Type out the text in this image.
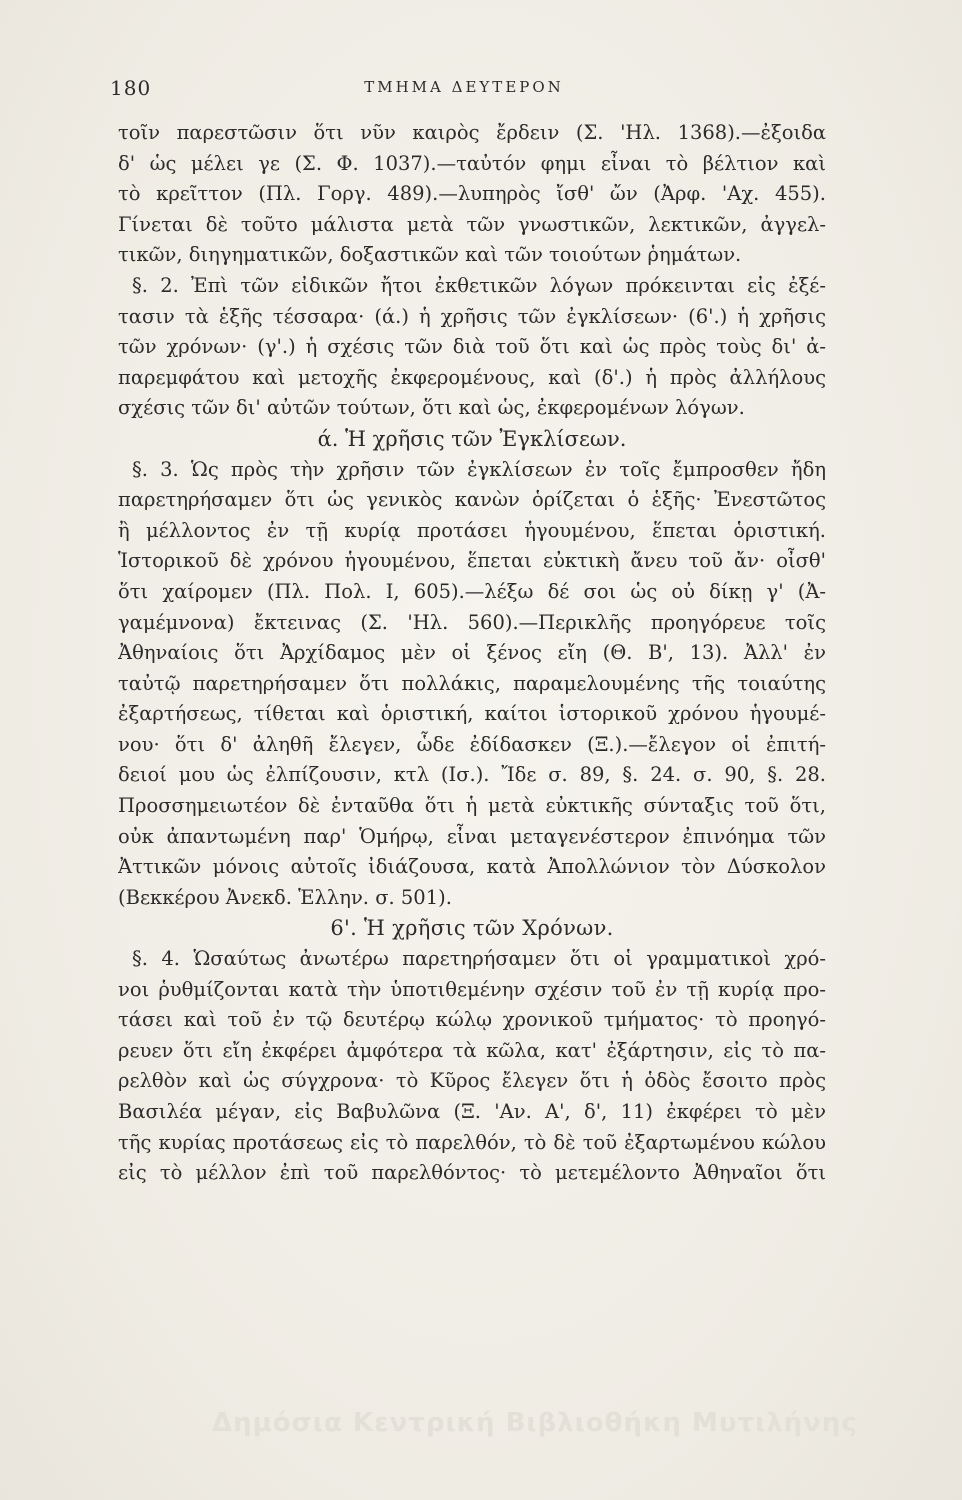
180	ΤΜΗΜΑ ΔΕΥΤΕΡΟΝ
τοῖν παρεστῶσιν ὅτι νῦν καιρὸς ἔρδειν (Σ. 'Ηλ. 1368).—ἐξοιδα
δ' ὡς μέλει γε (Σ. Φ. 1037).—ταὐτόν φημι εἶναι τὸ βέλτιον καὶ
τὸ κρεῖττον (Πλ. Γοργ. 489).—λυπηρὸς ἴσθ' ὤν (Ἀρφ. 'Αχ. 455).
Γίνεται δὲ τοῦτο μάλιστα μετὰ τῶν γνωστικῶν, λεκτικῶν, ἀγγελ-
τικῶν, διηγηματικῶν, δοξαστικῶν καὶ τῶν τοιούτων ῥημάτων.
§. 2. Ἐπὶ τῶν εἰδικῶν ἤτοι ἐκθετικῶν λόγων πρόκεινται εἰς ἐξέ-
τασιν τὰ ἑξῆς τέσσαρα· (ά.) ἡ χρῆσις τῶν ἐγκλίσεων· (6'.) ἡ χρῆσις
τῶν χρόνων· (γ'.) ἡ σχέσις τῶν διὰ τοῦ ὅτι καὶ ὡς πρὸς τοὺς δι' ἀ-
παρεμφάτου καὶ μετοχῆς ἐκφερομένους, καὶ (δ'.) ἡ πρὸς ἀλλήλους
σχέσις τῶν δι' αὐτῶν τούτων, ὅτι καὶ ὡς, ἐκφερομένων λόγων.
ά. Ἡ χρῆσις τῶν Ἐγκλίσεων.
§. 3. Ὡς πρὸς τὴν χρῆσιν τῶν ἐγκλίσεων ἐν τοῖς ἔμπροσθεν ἤδη
παρετηρήσαμεν ὅτι ὡς γενικὸς κανὼν ὁρίζεται ὁ ἑξῆς· Ἐνεστῶτος
ἢ μέλλοντος ἐν τῇ κυρίᾳ προτάσει ἡγουμένου, ἕπεται ὁριστική.
Ἱστορικοῦ δὲ χρόνου ἡγουμένου, ἕπεται εὐκτικὴ ἄνευ τοῦ ἄν· οἶσθ'
ὅτι χαίρομεν (Πλ. Πολ. I, 605).—λέξω δέ σοι ὡς οὐ δίκῃ γ' (Ἀ-
γαμέμνονα) ἔκτεινας (Σ. 'Ηλ. 560).—Περικλῆς προηγόρευε τοῖς
Ἀθηναίοις ὅτι Ἀρχίδαμος μὲν οἱ ξένος εἴη (Θ. Β', 13). Ἀλλ' ἐν
ταὐτῷ παρετηρήσαμεν ὅτι πολλάκις, παραμελουμένης τῆς τοιαύτης
ἐξαρτήσεως, τίθεται καὶ ὁριστική, καίτοι ἱστορικοῦ χρόνου ἡγουμέ-
νου· ὅτι δ' ἀληθῆ ἔλεγεν, ὧδε ἐδίδασκεν (Ξ.).—ἔλεγον οἱ ἐπιτή-
δειοί μου ὡς ἐλπίζουσιν, κτλ (Ισ.). Ἴδε σ. 89, §. 24. σ. 90, §. 28.
Προσσημειωτέον δὲ ἐνταῦθα ὅτι ἡ μετὰ εὐκτικῆς σύνταξις τοῦ ὅτι,
οὐκ ἀπαντωμένη παρ' Ὁμήρῳ, εἶναι μεταγενέστερον ἐπινόημα τῶν
Ἀττικῶν μόνοις αὐτοῖς ἰδιάζουσα, κατὰ Ἀπολλώνιον τὸν Δύσκολον
(Βεκκέρου Ἀνεκδ. Ἑλλην. σ. 501).
6'. Ἡ χρῆσις τῶν Χρόνων.
§. 4. Ὡσαύτως ἀνωτέρω παρετηρήσαμεν ὅτι οἱ γραμματικοὶ χρό-
νοι ῥυθμίζονται κατὰ τὴν ὑποτιθεμένην σχέσιν τοῦ ἐν τῇ κυρίᾳ προ-
τάσει καὶ τοῦ ἐν τῷ δευτέρῳ κώλῳ χρονικοῦ τμήματος· τὸ προηγό-
ρευεν ὅτι εἴη ἐκφέρει ἀμφότερα τὰ κῶλα, κατ' ἐξάρτησιν, εἰς τὸ πα-
ρελθὸν καὶ ὡς σύγχρονα· τὸ Κῦρος ἔλεγεν ὅτι ἡ ὁδὸς ἔσοιτο πρὸς
Βασιλέα μέγαν, εἰς Βαβυλῶνα (Ξ. 'Αν. Α', δ', 11) ἐκφέρει τὸ μὲν
τῆς κυρίας προτάσεως εἰς τὸ παρελθόν, τὸ δὲ τοῦ ἐξαρτωμένου κώλου
εἰς τὸ μέλλον ἐπὶ τοῦ παρελθόντος· τὸ μετεμέλοντο Ἀθηναῖοι ὅτι
Δημόσια Κεντρική Βιβλιοθήκη Μυτιλήνης
